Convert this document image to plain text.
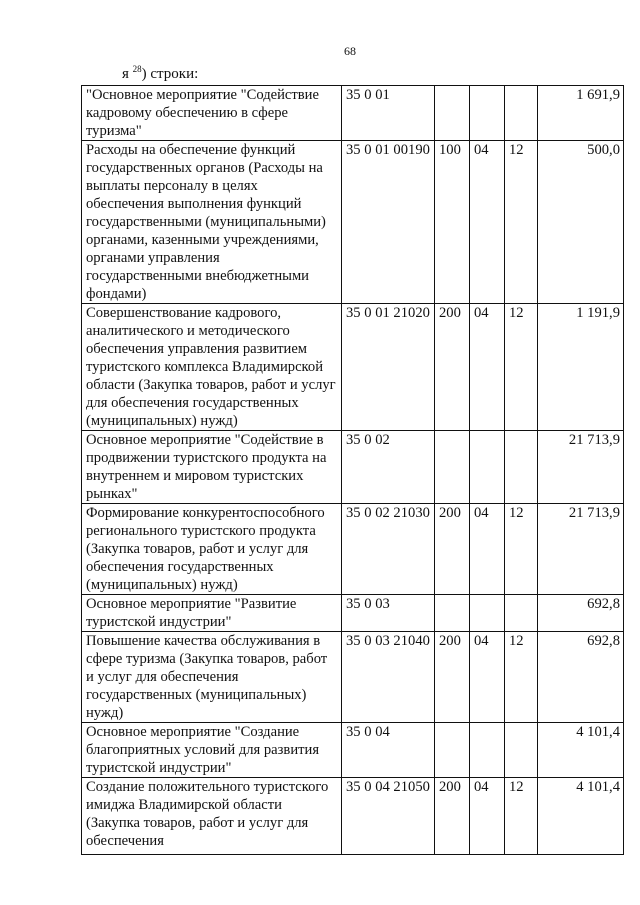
68
я $^{28}$) строки:
"Основное мероприятие "Содействие кадровому обеспечению в сфере туризма"	35 0 01				1 691,9
Расходы на обеспечение функций государственных органов (Расходы на выплаты персоналу в целях обеспечения выполнения функций государственными (муниципальными) органами, казенными учреждениями, органами управления государственными внебюджетными фондами)	35 0 01 00190	100	04	12	500,0
Совершенствование кадрового, аналитического и методического обеспечения управления развитием туристского комплекса Владимирской области (Закупка товаров, работ и услуг для обеспечения государственных (муниципальных) нужд)	35 0 01 21020	200	04	12	1 191,9
Основное мероприятие "Содействие в продвижении туристского продукта на внутреннем и мировом туристских рынках"	35 0 02				21 713,9
Формирование конкурентоспособного регионального туристского продукта (Закупка товаров, работ и услуг для обеспечения государственных (муниципальных) нужд)	35 0 02 21030	200	04	12	21 713,9
Основное мероприятие "Развитие туристской индустрии"	35 0 03				692,8
Повышение качества обслуживания в сфере туризма (Закупка товаров, работ и услуг для обеспечения государственных (муниципальных) нужд)	35 0 03 21040	200	04	12	692,8
Основное мероприятие "Создание благоприятных условий для развития туристской индустрии"	35 0 04				4 101,4
Создание положительного туристского имиджа Владимирской области (Закупка товаров, работ и услуг для обеспечения	35 0 04 21050	200	04	12	4 101,4
